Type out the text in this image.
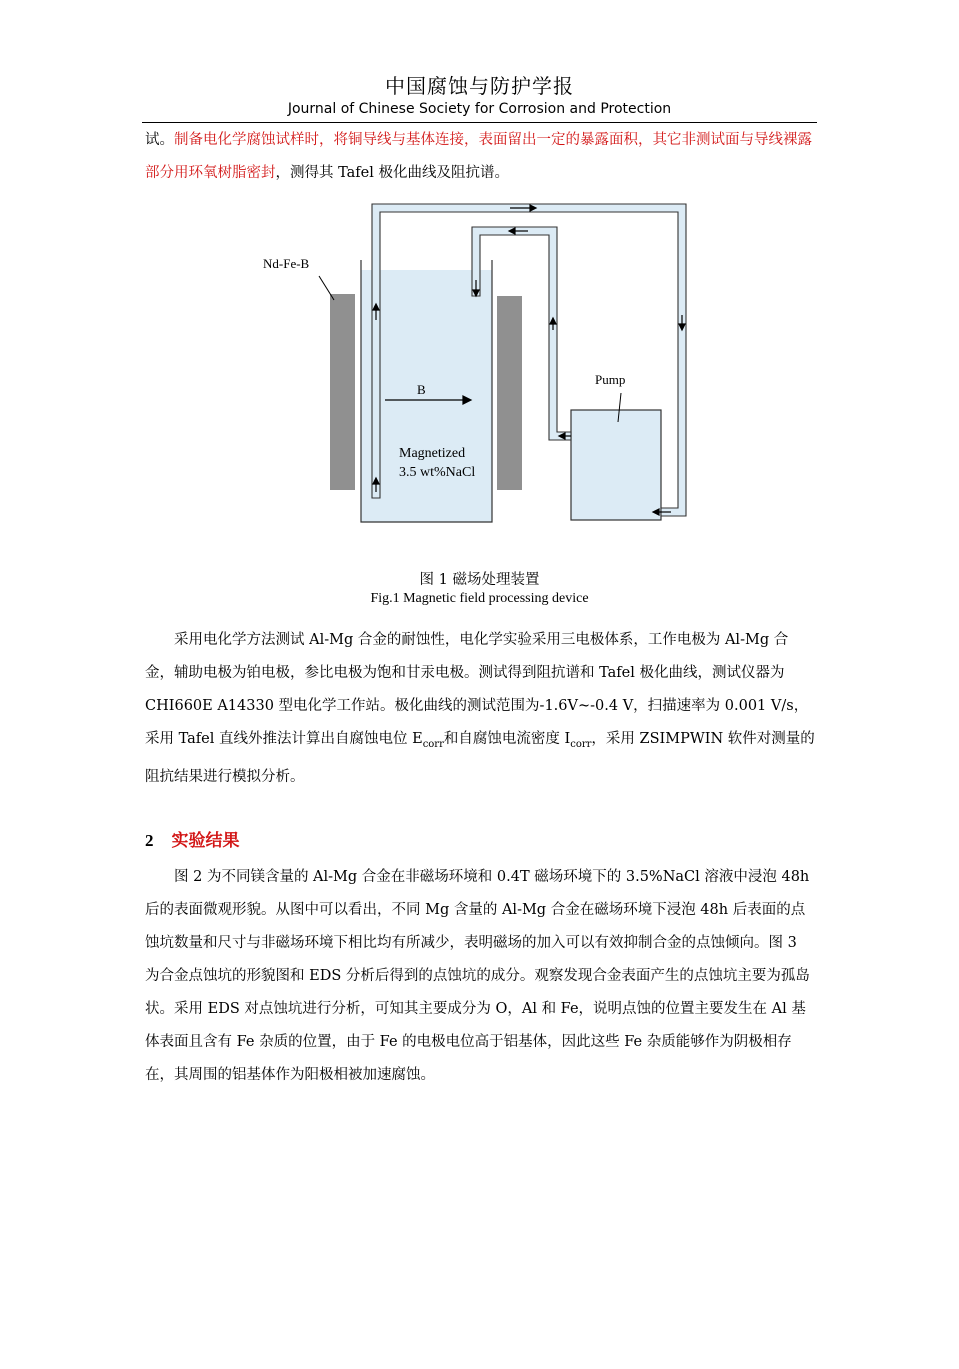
中国腐蚀与防护学报
Journal of Chinese Society for Corrosion and Protection
试。制备电化学腐蚀试样时，将铜导线与基体连接，表面留出一定的暴露面积，其它非测试面与导线裸露部分用环氧树脂密封，测得其 Tafel 极化曲线及阻抗谱。
Nd-Fe-B
B
Pump
Magnetized
3.5 wt%NaCl
图 1 磁场处理装置
Fig.1 Magnetic field processing device
采用电化学方法测试 Al-Mg 合金的耐蚀性，电化学实验采用三电极体系，工作电极为 Al-Mg 合金，辅助电极为铂电极，参比电极为饱和甘汞电极。测试得到阻抗谱和 Tafel 极化曲线，测试仪器为 CHI660E A14330 型电化学工作站。极化曲线的测试范围为-1.6V~-0.4 V，扫描速率为 0.001 V/s，采用 Tafel 直线外推法计算出自腐蚀电位 $E_{corr}$和自腐蚀电流密度 $I_{corr}$，采用 ZSIMPWIN 软件对测量的阻抗结果进行模拟分析。
2 实验结果
图 2 为不同镁含量的 Al-Mg 合金在非磁场环境和 0.4T 磁场环境下的 3.5%NaCl 溶液中浸泡 48h 后的表面微观形貌。从图中可以看出，不同 Mg 含量的 Al-Mg 合金在磁场环境下浸泡 48h 后表面的点蚀坑数量和尺寸与非磁场环境下相比均有所减少，表明磁场的加入可以有效抑制合金的点蚀倾向。图 3 为合金点蚀坑的形貌图和 EDS 分析后得到的点蚀坑的成分。观察发现合金表面产生的点蚀坑主要为孤岛状。采用 EDS 对点蚀坑进行分析，可知其主要成分为 O，Al 和 Fe，说明点蚀的位置主要发生在 Al 基体表面且含有 Fe 杂质的位置，由于 Fe 的电极电位高于铝基体，因此这些 Fe 杂质能够作为阴极相存在，其周围的铝基体作为阳极相被加速腐蚀。
